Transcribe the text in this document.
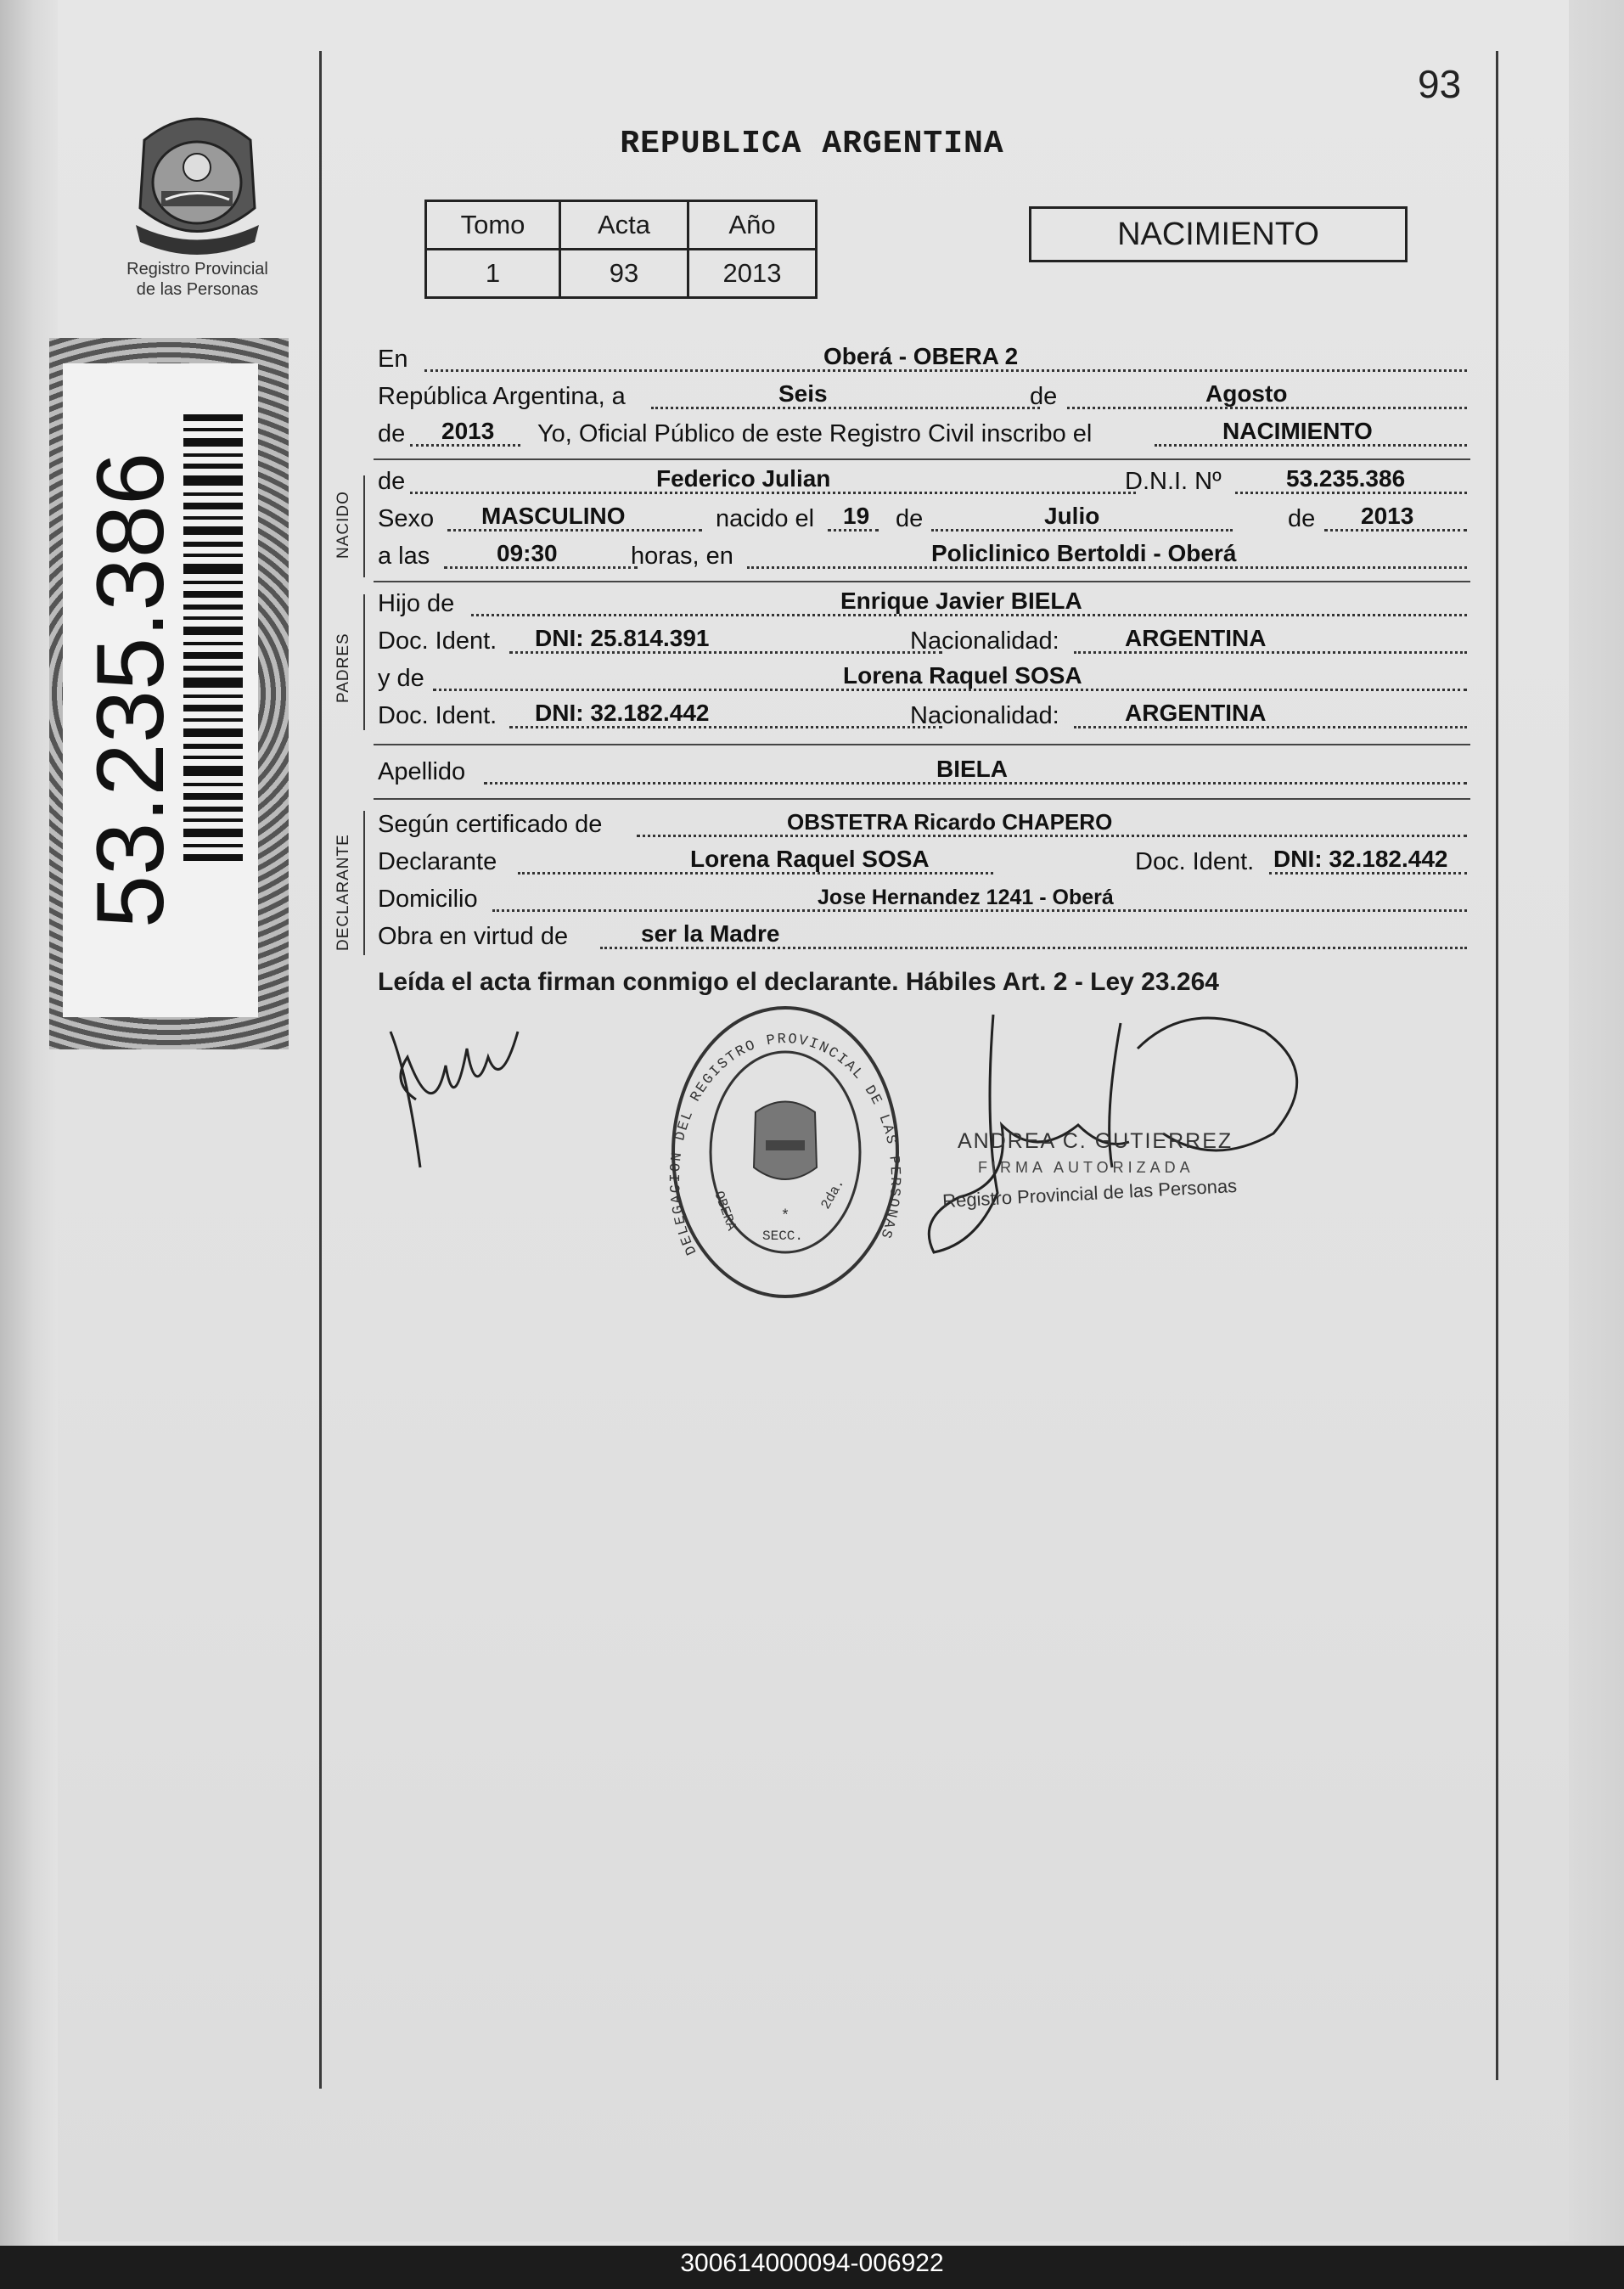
93
REPUBLICA ARGENTINA
Registro Provincial
de las Personas
Tomo	Acta	Año
1	93	2013
NACIMIENTO
53.235.386	NACIDO
PADRES
DECLARANTE
En	Oberá - OBERA 2
República Argentina, a	Seis	de	Agosto
de 2013 Yo, Oficial Público de este Registro Civil inscribo el	NACIMIENTO
de	Federico Julian	D.N.I. Nº	53.235.386
Sexo MASCULINO	nacido el 19 de	Julio	de 2013
a las	09:30	horas, en	Policlinico Bertoldi - Oberá
Hijo de	Enrique Javier BIELA
Doc. Ident. DNI: 25.814.391	Nacionalidad:	ARGENTINA
y de	Lorena Raquel SOSA
Doc. Ident. DNI: 32.182.442	Nacionalidad:	ARGENTINA
Apellido	BIELA
Según certificado de	OBSTETRA Ricardo CHAPERO
Declarante	Lorena Raquel SOSA	Doc. Ident. DNI: 32.182.442
Domicilio	Jose Hernandez 1241 - Oberá
Obra en virtud de	ser la Madre
Leída el acta firman conmigo el declarante. Hábiles Art. 2 - Ley 23.264
*
OBERA
SECC.
2da.
DELEGACION DEL REGISTRO PROVINCIAL DE LAS PERSONAS
ANDREA C. GUTIERREZ
FIRMA AUTORIZADA
Registro Provincial de las Personas
300614000094-006922
